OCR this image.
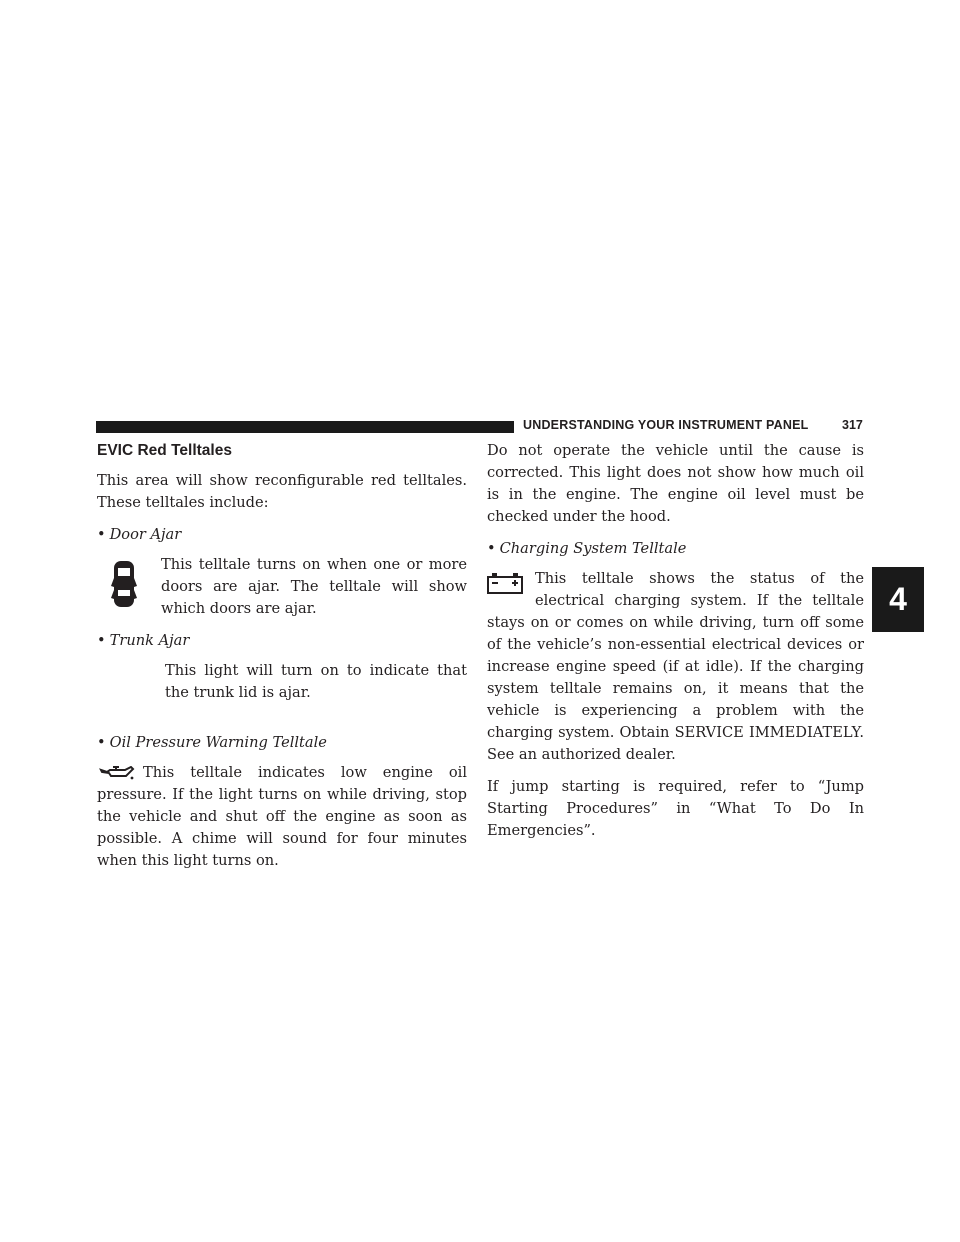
UNDERSTANDING YOUR INSTRUMENT PANEL	317
4
EVIC Red Telltales

This area will show reconfigurable red telltales. These telltales include:

• Door Ajar

This telltale turns on when one or more doors are ajar. The telltale will show which doors are ajar.

• Trunk Ajar

This light will turn on to indicate that the trunk lid is ajar.

• Oil Pressure Warning Telltale

This telltale indicates low engine oil pressure. If the light turns on while driving, stop the vehicle and shut off the engine as soon as possible. A chime will sound for four minutes when this light turns on.

Do not operate the vehicle until the cause is corrected. This light does not show how much oil is in the engine. The engine oil level must be checked under the hood.

• Charging System Telltale

This telltale shows the status of the electrical charging system. If the telltale stays on or comes on while driving, turn off some of the vehicle’s non-essential electrical devices or increase engine speed (if at idle). If the charging system telltale remains on, it means that the vehicle is experiencing a problem with the charging system. Obtain SERVICE IMMEDIATELY. See an authorized dealer.

If jump starting is required, refer to “Jump Starting Procedures” in “What To Do In Emergencies”.
